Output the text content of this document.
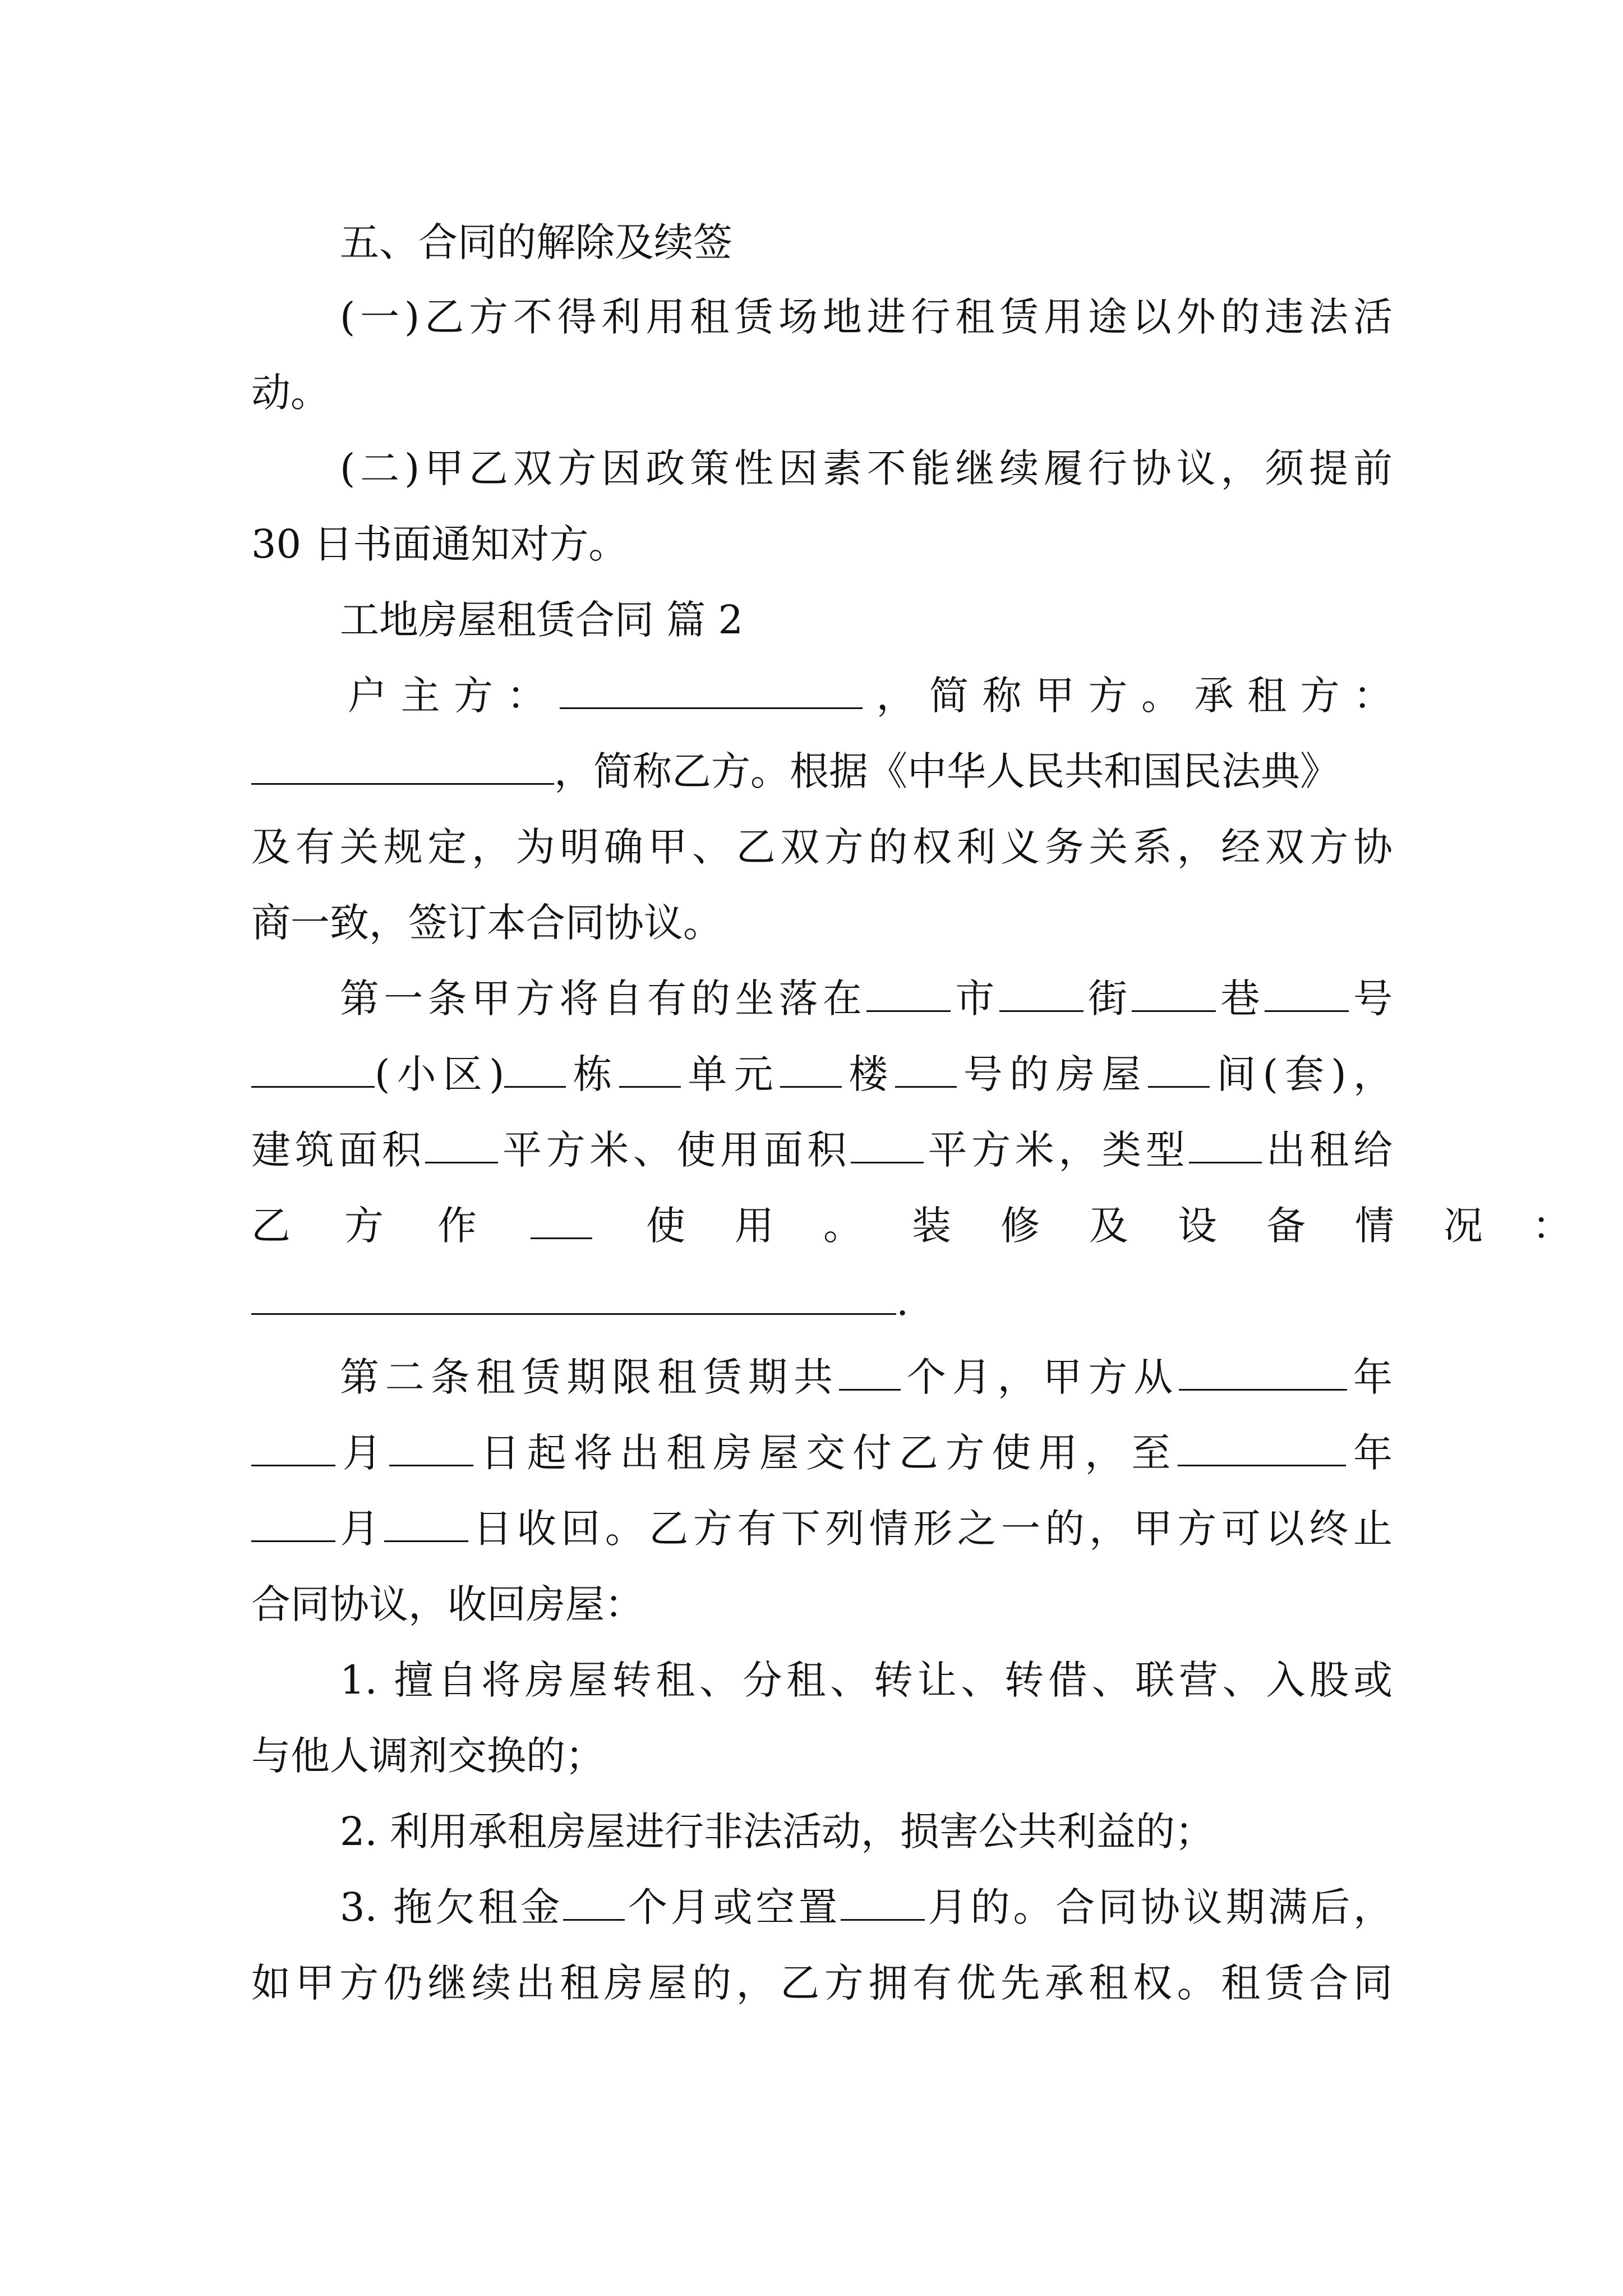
五、合同的解除及续签
(一)乙方不得利用租赁场地进行租赁用途以外的违法活
动。
(二)甲乙双方因政策性因素不能继续履行协议，须提前
30 日书面通知对方。
工地房屋租赁合同 篇 2
户主方：	，简称甲方。承租方：
，简称乙方。根据《中华人民共和国民法典》
及有关规定，为明确甲、乙双方的权利义务关系，经双方协
商一致，签订本合同协议。
第一条甲方将自有的坐落在 市 街 巷 号
(小区) 栋 单元 楼 号的房屋 间(套)，
建筑面积 平方米、使用面积 平方米，类型 出租给
乙方作	使用。装修及设备情况：
.
第二条租赁期限租赁期共 个月，甲方从	年
月 日起将出租房屋交付乙方使用，至	年
月 日收回。乙方有下列情形之一的，甲方可以终止
合同协议，收回房屋：
1. 擅自将房屋转租、分租、转让、转借、联营、入股或
与他人调剂交换的；
2. 利用承租房屋进行非法活动，损害公共利益的；
3. 拖欠租金 个月或空置 月的。合同协议期满后，
如甲方仍继续出租房屋的，乙方拥有优先承租权。租赁合同
